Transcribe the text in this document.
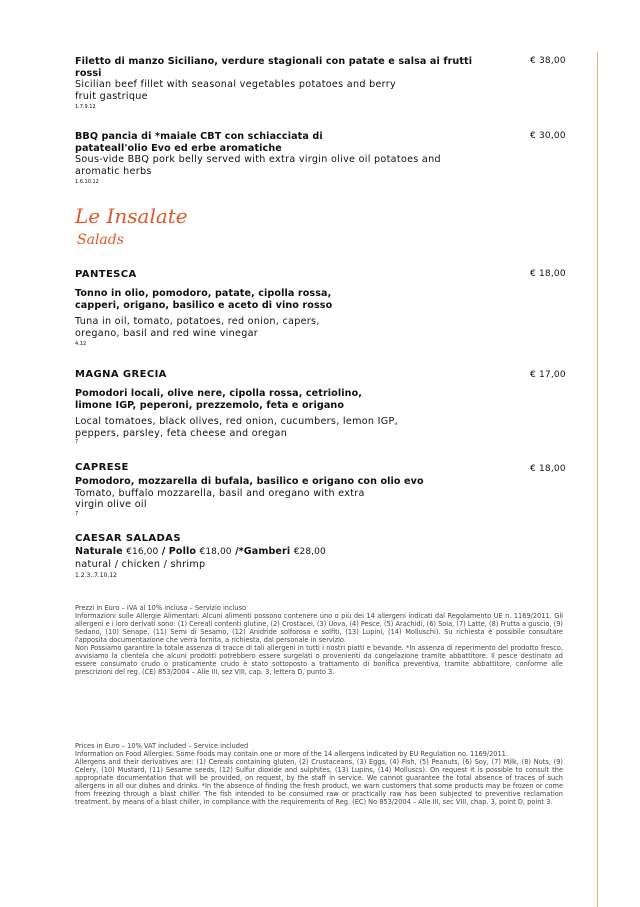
Filetto di manzo Siciliano, verdure stagionali con patate e salsa ai frutti rossi
Sicilian beef fillet with seasonal vegetables potatoes and berry fruit gastrique
1.7.9.12
€ 38,00
BBQ pancia di *maiale CBT con schiacciata di patateall'olio Evo ed erbe aromatiche
Sous-vide BBQ pork belly served with extra virgin olive oil potatoes and aromatic herbs
1.6.10.12
€ 30,00
Le Insalate
Salads
PANTESCA
Tonno in olio, pomodoro, patate, cipolla rossa, capperi, origano, basilico e aceto di vino rosso
Tuna in oil, tomato, potatoes, red onion, capers, oregano, basil and red wine vinegar
4.12
€ 18,00
MAGNA GRECIA
Pomodori locali, olive nere, cipolla rossa, cetriolino, limone IGP, peperoni, prezzemolo, feta e origano
Local tomatoes, black olives, red onion, cucumbers, lemon IGP, peppers, parsley, feta cheese and oregan
7
€ 17,00
CAPRESE
Pomodoro, mozzarella di bufala, basilico e origano con olio evo
Tomato, buffalo mozzarella, basil and oregano with extra virgin olive oil
7
€ 18,00
CAESAR SALADAS
Naturale €16,00 / Pollo €18,00 /*Gamberi €28,00
natural / chicken / shrimp
1.2.3..7.10.12

Prezzi in Euro – IVA al 10% inclusa – Servizio incluso

Informazioni sulle Allergie Alimentari: Alcuni alimenti possono contenere uno o più dei 14 allergeni indicati dal Regolamento UE n. 1169/2011. Gli allergeni e i loro derivati sono: (1) Cereali contenti glutine, (2) Crostacei, (3) Uova, (4) Pesce, (5) Arachidi, (6) Soia, (7) Latte, (8) Frutta a guscio, (9) Sedano, (10) Senape, (11) Semi di Sesamo, (12) Anidride solforosa e solfiti, (13) Lupini, (14) Molluschi). Su richiesta è possibile consultare l'apposita documentazione che verrà fornita, a richiesta, dal personale in servizio.

Non Possiamo garantire la totale assenza di tracce di tali allergeni in tutti i nostri piatti e bevande. *In assenza di reperimento del prodotto fresco, avvisiamo la clientela che alcuni prodotti potrebbero essere surgelati o provenienti da congelazione tramite abbattitore. Il pesce destinato ad essere consumato crudo o praticamente crudo è stato sottoposto a trattamento di bonifica preventiva, tramite abbattitore, conforme alle prescrizioni del reg. (CE) 853/2004 – Alle III, sez VIII, cap. 3, lettera D, punto 3.

Prices in Euro – 10% VAT included – Service included

Information on Food Allergies: Some foods may contain one or more of the 14 allergens indicated by EU Regulation no. 1169/2011.

Allergens and their derivatives are: (1) Cereals containing gluten, (2) Crustaceans, (3) Eggs, (4) Fish, (5) Peanuts, (6) Soy, (7) Milk, (8) Nuts, (9) Celery, (10) Mustard, (11) Sesame seeds, (12) Sulfur dioxide and sulphites, (13) Lupins, (14) Molluscs). On request it is possible to consult the appropriate documentation that will be provided, on request, by the staff in service. We cannot guarantee the total absence of traces of such allergens in all our dishes and drinks. *In the absence of finding the fresh product, we warn customers that some products may be frozen or come from freezing through a blast chiller. The fish intended to be consumed raw or practically raw has been subjected to preventive reclamation treatment, by means of a blast chiller, in compliance with the requirements of Reg. (EC) No 853/2004 – Alle III, sec VIII, chap. 3, point D, point 3.
